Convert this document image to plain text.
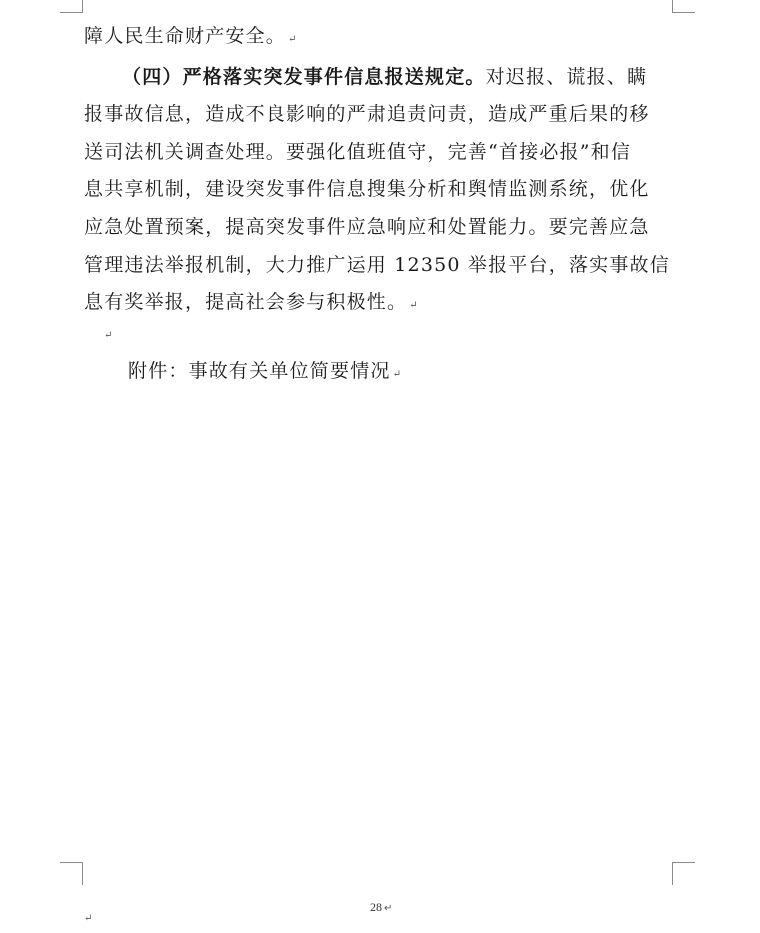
障人民生命财产安全。 ↵

（四）严格落实突发事件信息报送规定。对迟报、谎报、瞒
报事故信息，造成不良影响的严肃追责问责，造成严重后果的移
送司法机关调查处理。要强化值班值守，完善“首接必报”和信
息共享机制，建设突发事件信息搜集分析和舆情监测系统，优化
应急处置预案，提高突发事件应急响应和处置能力。要完善应急
管理违法举报机制，大力推广运用 12350 举报平台，落实事故信
息有奖举报，提高社会参与积极性。 ↵

↵
附件：事故有关单位简要情况 ↵
28 ↵
↵
